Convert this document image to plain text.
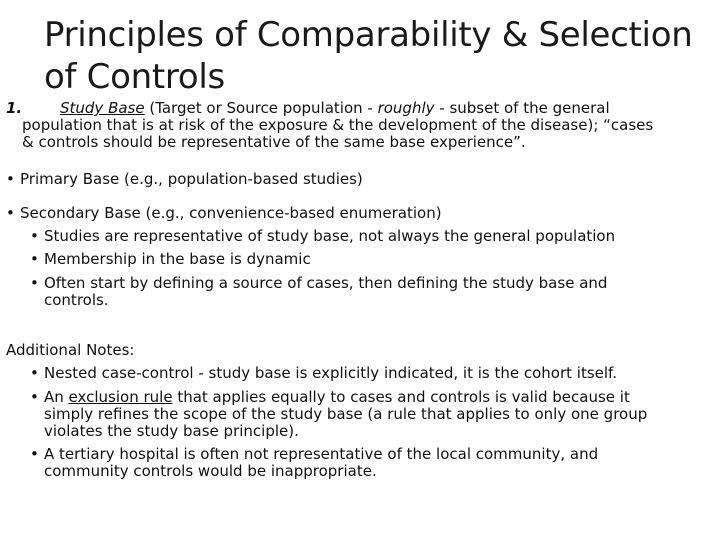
Principles of Comparability & Selection of Controls
1.	Study Base (Target or Source population - roughly - subset of the general
population that is at risk of the exposure & the development of the disease); “cases
& controls should be representative of the same base experience”.
• Primary Base (e.g., population-based studies)
• Secondary Base (e.g., convenience-based enumeration)
• Studies are representative of study base, not always the general population
• Membership in the base is dynamic
• Often start by defining a source of cases, then defining the study base and
controls.
Additional Notes:
• Nested case-control - study base is explicitly indicated, it is the cohort itself.
• An exclusion rule that applies equally to cases and controls is valid because it
simply refines the scope of the study base (a rule that applies to only one group
violates the study base principle).
• A tertiary hospital is often not representative of the local community, and
community controls would be inappropriate.
